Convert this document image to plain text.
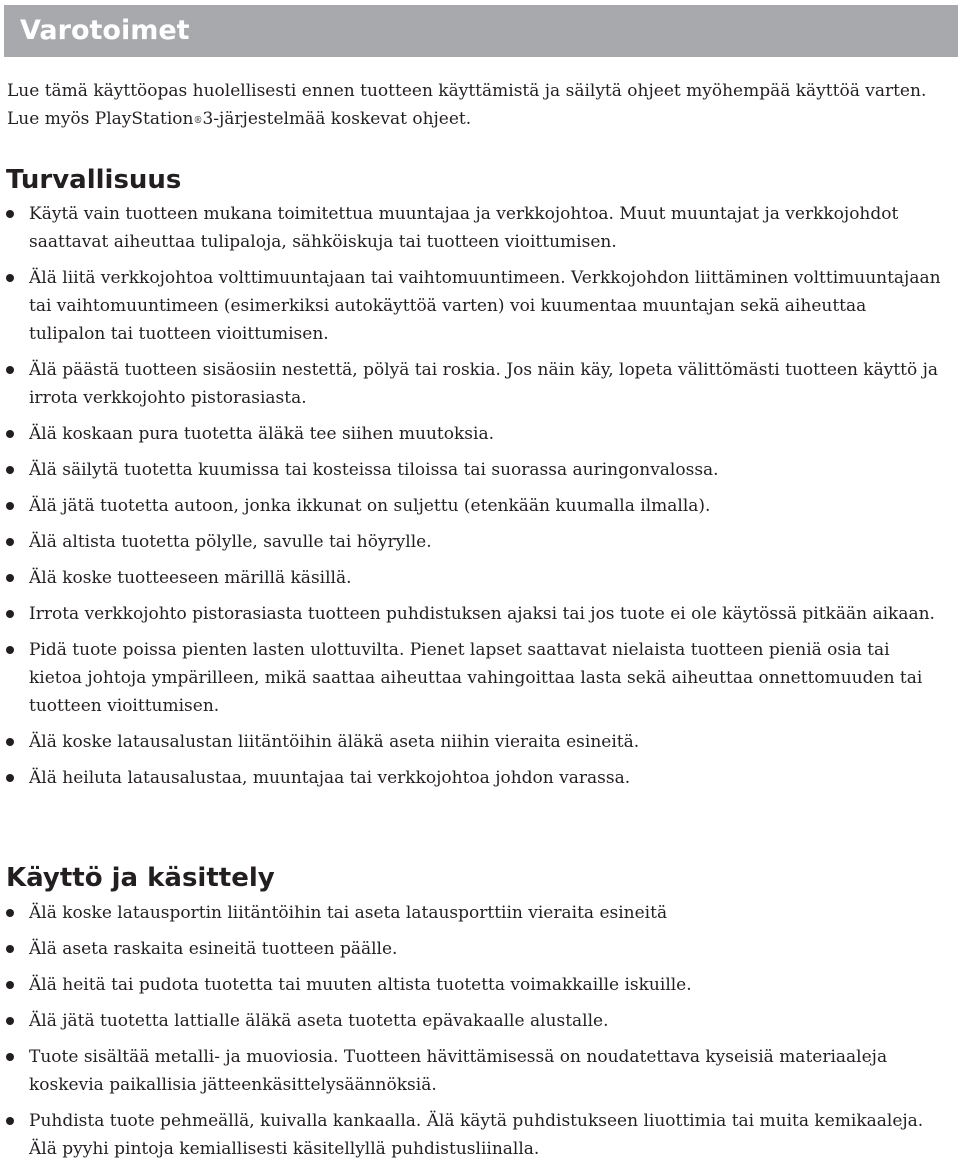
Varotoimet

Lue tämä käyttöopas huolellisesti ennen tuotteen käyttämistä ja säilytä ohjeet myöhempää käyttöä varten. Lue myös PlayStation®3-järjestelmää koskevat ohjeet.

Turvallisuus
Käytä vain tuotteen mukana toimitettua muuntajaa ja verkkojohtoa. Muut muuntajat ja verkkojohdot saattavat aiheuttaa tulipaloja, sähköiskuja tai tuotteen vioittumisen.
Älä liitä verkkojohtoa volttimuuntajaan tai vaihtomuuntimeen. Verkkojohdon liittäminen volttimuuntajaan tai vaihtomuuntimeen (esimerkiksi autokäyttöä varten) voi kuumentaa muuntajan sekä aiheuttaa tulipalon tai tuotteen vioittumisen.
Älä päästä tuotteen sisäosiin nestettä, pölyä tai roskia. Jos näin käy, lopeta välittömästi tuotteen käyttö ja irrota verkkojohto pistorasiasta.
Älä koskaan pura tuotetta äläkä tee siihen muutoksia.
Älä säilytä tuotetta kuumissa tai kosteissa tiloissa tai suorassa auringonvalossa.
Älä jätä tuotetta autoon, jonka ikkunat on suljettu (etenkään kuumalla ilmalla).
Älä altista tuotetta pölylle, savulle tai höyrylle.
Älä koske tuotteeseen märillä käsillä.
Irrota verkkojohto pistorasiasta tuotteen puhdistuksen ajaksi tai jos tuote ei ole käytössä pitkään aikaan.
Pidä tuote poissa pienten lasten ulottuvilta. Pienet lapset saattavat nielaista tuotteen pieniä osia tai kietoa johtoja ympärilleen, mikä saattaa aiheuttaa vahingoittaa lasta sekä aiheuttaa onnettomuuden tai tuotteen vioittumisen.
Älä koske latausalustan liitäntöihin äläkä aseta niihin vieraita esineitä.
Älä heiluta latausalustaa, muuntajaa tai verkkojohtoa johdon varassa.
Käyttö ja käsittely
Älä koske latausportin liitäntöihin tai aseta latausporttiin vieraita esineitä
Älä aseta raskaita esineitä tuotteen päälle.
Älä heitä tai pudota tuotetta tai muuten altista tuotetta voimakkaille iskuille.
Älä jätä tuotetta lattialle äläkä aseta tuotetta epävakaalle alustalle.
Tuote sisältää metalli- ja muoviosia. Tuotteen hävittämisessä on noudatettava kyseisiä materiaaleja koskevia paikallisia jätteenkäsittelysäännöksiä.
Puhdista tuote pehmeällä, kuivalla kankaalla. Älä käytä puhdistukseen liuottimia tai muita kemikaaleja. Älä pyyhi pintoja kemiallisesti käsitellyllä puhdistusliinalla.
